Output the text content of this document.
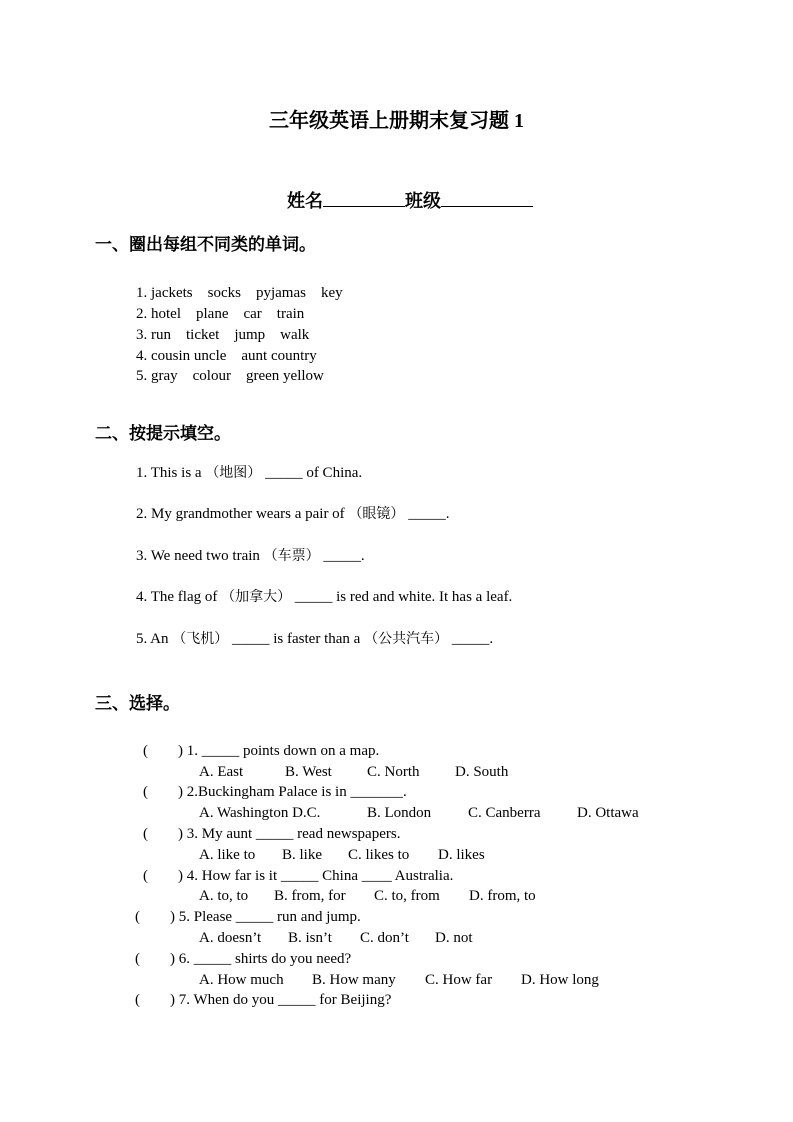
三年级英语上册期末复习题 1

姓名	班级

一、圈出每组不同类的单词。
1. jackets    socks    pyjamas    key
2. hotel    plane    car    train
3. run    ticket    jump    walk
4. cousin uncle    aunt country
5. gray    colour    green yellow
二、按提示填空。
1. This is a （地图） _____ of China.
2. My grandmother wears a pair of （眼镜） _____.
3. We need two train （车票） _____.
4. The flag of （加拿大） _____ is red and white. It has a leaf.
5. An （飞机） _____ is faster than a （公共汽车） _____.
三、选择。
(        ) 1. _____ points down on a map.
A. East	B. West C. North D. South
(        ) 2.Buckingham Palace is in _______.
A. Washington D.C.	B. London C. Canberra D. Ottawa
(        ) 3. My aunt _____ read newspapers.
A. like to B. like C. likes to D. likes
(        ) 4. How far is it _____ China ____ Australia.
A. to, to B. from, for C. to, from D. from, to
(        ) 5. Please _____ run and jump.
A. doesn’t B. isn’t C. don’t D. not
(        ) 6. _____ shirts do you need?
A. How much B. How many C. How far D. How long
(        ) 7. When do you _____ for Beijing?
